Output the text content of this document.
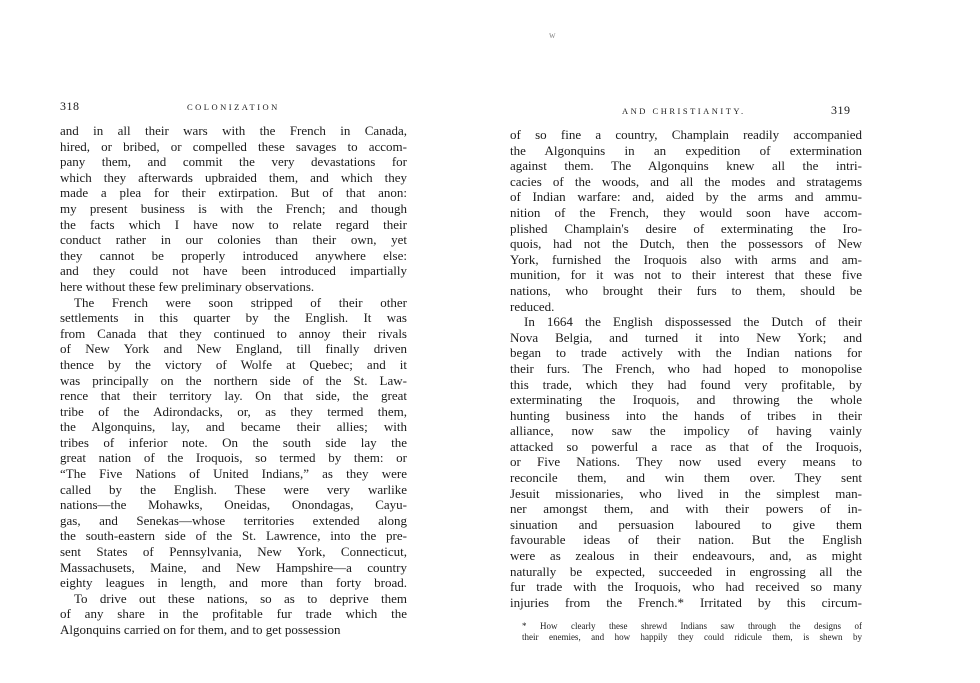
w
318	COLONIZATION
and in all their wars with the French in Canada,
hired, or bribed, or compelled these savages to accom-
pany them, and commit the very devastations for
which they afterwards upbraided them, and which they
made a plea for their extirpation. But of that anon:
my present business is with the French; and though
the facts which I have now to relate regard their
conduct rather in our colonies than their own, yet
they cannot be properly introduced anywhere else:
and they could not have been introduced impartially
here without these few preliminary observations.
The French were soon stripped of their other
settlements in this quarter by the English. It was
from Canada that they continued to annoy their rivals
of New York and New England, till finally driven
thence by the victory of Wolfe at Quebec; and it
was principally on the northern side of the St. Law-
rence that their territory lay. On that side, the great
tribe of the Adirondacks, or, as they termed them,
the Algonquins, lay, and became their allies; with
tribes of inferior note. On the south side lay the
great nation of the Iroquois, so termed by them: or
“The Five Nations of United Indians,” as they were
called by the English. These were very warlike
nations—the Mohawks, Oneidas, Onondagas, Cayu-
gas, and Senekas—whose territories extended along
the south-eastern side of the St. Lawrence, into the pre-
sent States of Pennsylvania, New York, Connecticut,
Massachusets, Maine, and New Hampshire—a country
eighty leagues in length, and more than forty broad.
To drive out these nations, so as to deprive them
of any share in the profitable fur trade which the
Algonquins carried on for them, and to get possession
AND CHRISTIANITY.	319
of so fine a country, Champlain readily accompanied
the Algonquins in an expedition of extermination
against them. The Algonquins knew all the intri-
cacies of the woods, and all the modes and stratagems
of Indian warfare: and, aided by the arms and ammu-
nition of the French, they would soon have accom-
plished Champlain's desire of exterminating the Iro-
quois, had not the Dutch, then the possessors of New
York, furnished the Iroquois also with arms and am-
munition, for it was not to their interest that these five
nations, who brought their furs to them, should be
reduced.
In 1664 the English dispossessed the Dutch of their
Nova Belgia, and turned it into New York; and
began to trade actively with the Indian nations for
their furs. The French, who had hoped to monopolise
this trade, which they had found very profitable, by
exterminating the Iroquois, and throwing the whole
hunting business into the hands of tribes in their
alliance, now saw the impolicy of having vainly
attacked so powerful a race as that of the Iroquois,
or Five Nations. They now used every means to
reconcile them, and win them over. They sent
Jesuit missionaries, who lived in the simplest man-
ner amongst them, and with their powers of in-
sinuation and persuasion laboured to give them
favourable ideas of their nation. But the English
were as zealous in their endeavours, and, as might
naturally be expected, succeeded in engrossing all the
fur trade with the Iroquois, who had received so many
injuries from the French.* Irritated by this circum-
* How clearly these shrewd Indians saw through the designs of
their enemies, and how happily they could ridicule them, is shewn by
